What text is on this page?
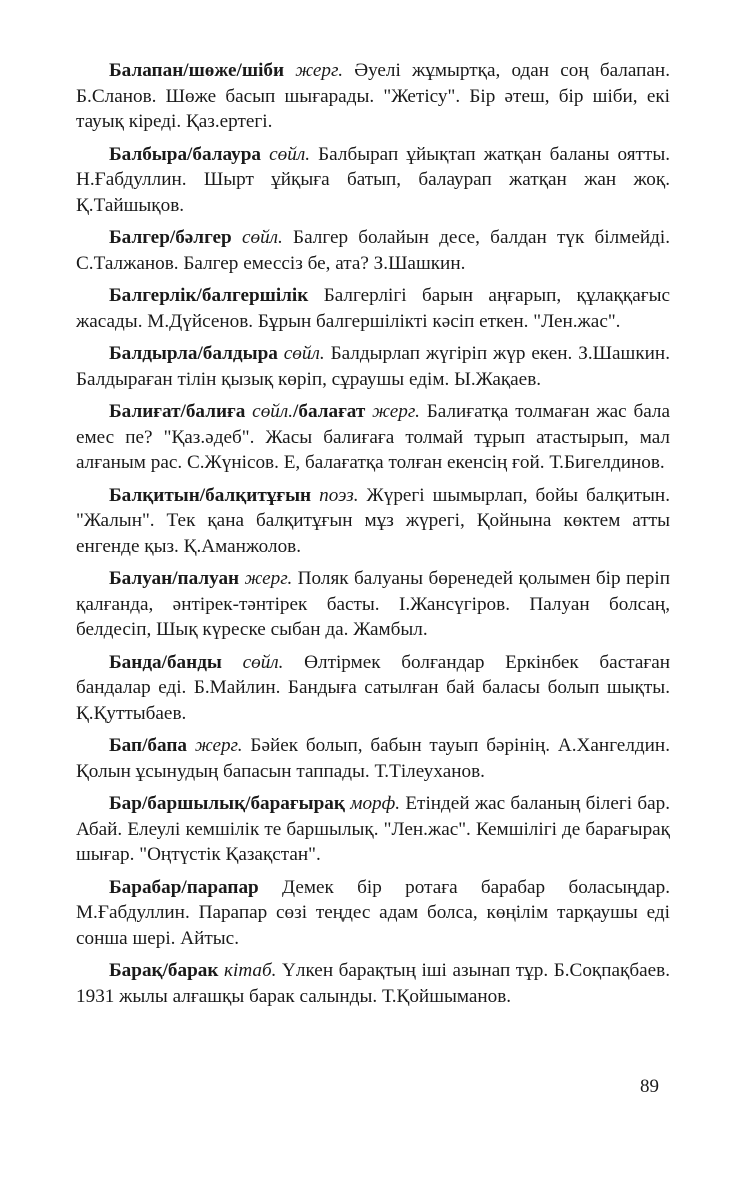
Балапан/шөже/шіби жерг. Әуелі жұмыртқа, одан соң балапан. Б.Сланов. Шөже басып шығарады. "Жетісу". Бір әтеш, бір шіби, екі тауық кіреді. Қаз.ертегі.

Балбыра/балаура сөйл. Балбырап ұйықтап жатқан баланы оятты. Н.Ғабдуллин. Шырт ұйқыға батып, балаурап жатқан жан жоқ. Қ.Тайшықов.

Балгер/бәлгер сөйл. Балгер болайын десе, балдан түк білмейді. С.Талжанов. Балгер емессіз бе, ата? З.Шашкин.

Балгерлік/балгершілік Балгерлігі барын аңғарып, құлаққағыс жасады. М.Дүйсенов. Бұрын балгершілікті кәсіп еткен. "Лен.жас".

Балдырла/балдыра сөйл. Балдырлап жүгіріп жүр екен. З.Шашкин. Балдыраған тілін қызық көріп, сұраушы едім. Ы.Жақаев.

Балиғат/балиға сөйл./балағат жерг. Балиғатқа толмаған жас бала емес пе? "Қаз.әдеб". Жасы балиғаға толмай тұрып атастырып, мал алғаным рас. С.Жүнісов. Е, балағатқа толған екенсің ғой. Т.Бигелдинов.

Балқитын/балқитұғын поэз. Жүрегі шымырлап, бойы балқитын. "Жалын". Тек қана балқитұғын мұз жүрегі, Қойнына көктем атты енгенде қыз. Қ.Аманжолов.

Балуан/палуан жерг. Поляк балуаны бөренедей қолымен бір періп қалғанда, әнтірек-тәнтірек басты. І.Жансүгіров. Палуан болсаң, белдесіп, Шық күреске сыбан да. Жамбыл.

Банда/банды сөйл. Өлтірмек болғандар Еркінбек бастаған бандалар еді. Б.Майлин. Бандыға сатылған бай баласы болып шықты. Қ.Қуттыбаев.

Бап/бапа жерг. Бәйек болып, бабын тауып бәрінің. А.Хангелдин. Қолын ұсынудың бапасын таппады. Т.Тілеуханов.

Бар/баршылық/барағырақ морф. Етіндей жас баланың білегі бар. Абай. Елеулі кемшілік те баршылық. "Лен.жас". Кемшілігі де барағырақ шығар. "Оңтүстік Қазақстан".

Барабар/парапар Демек бір ротаға барабар боласыңдар. М.Ғабдуллин. Парапар сөзі теңдес адам болса, көңілім тарқаушы еді сонша шері. Айтыс.

Барақ/барак кітаб. Үлкен барақтың іші азынап тұр. Б.Соқпақбаев. 1931 жылы алғашқы барак салынды. Т.Қойшыманов.

89
